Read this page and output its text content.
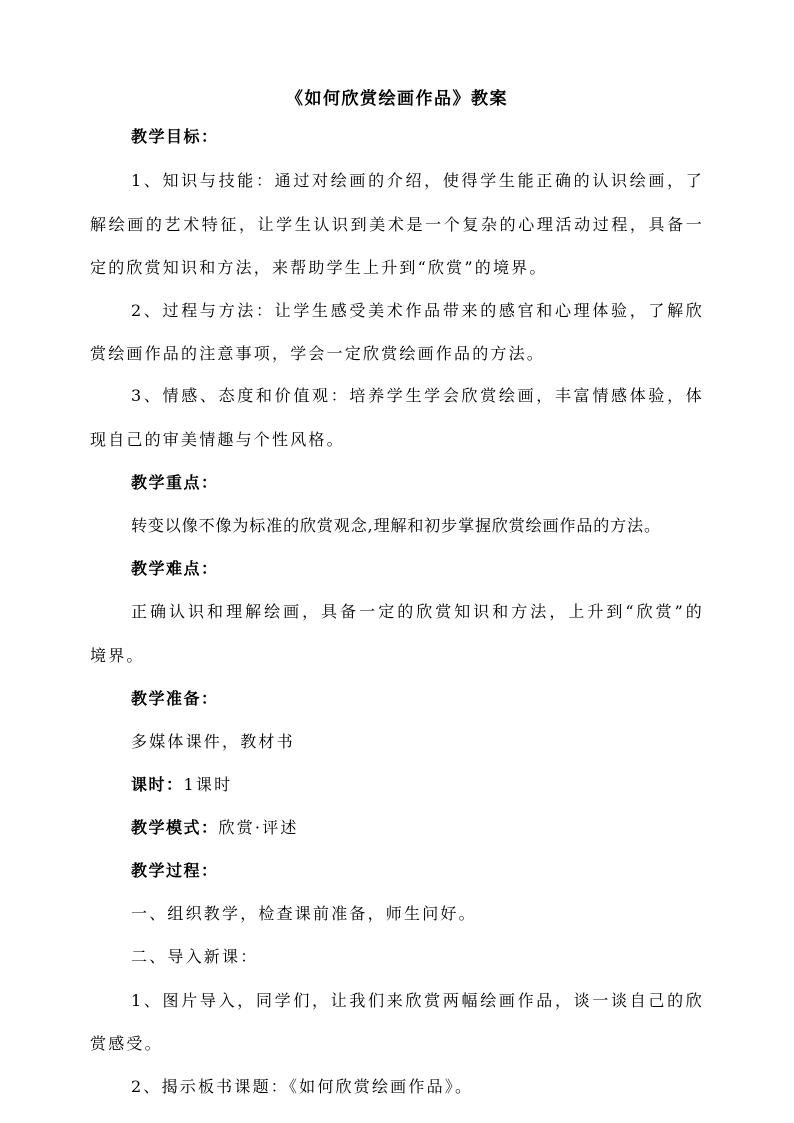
《如何欣赏绘画作品》教案

教学目标：

1、知识与技能：通过对绘画的介绍，使得学生能正确的认识绘画，了

解绘画的艺术特征，让学生认识到美术是一个复杂的心理活动过程，具备一

定的欣赏知识和方法，来帮助学生上升到“欣赏”的境界。

2、过程与方法：让学生感受美术作品带来的感官和心理体验，了解欣

赏绘画作品的注意事项，学会一定欣赏绘画作品的方法。

3、情感、态度和价值观：培养学生学会欣赏绘画，丰富情感体验，体

现自己的审美情趣与个性风格。

教学重点：

转变以像不像为标准的欣赏观念,理解和初步掌握欣赏绘画作品的方法。

教学难点：

正确认识和理解绘画，具备一定的欣赏知识和方法，上升到“欣赏”的

境界。

教学准备：

多媒体课件，教材书

课时：1课时

教学模式：欣赏·评述

教学过程：

一、组织教学，检查课前准备，师生问好。

二、导入新课：

1、图片导入，同学们，让我们来欣赏两幅绘画作品，谈一谈自己的欣

赏感受。

2、揭示板书课题：《如何欣赏绘画作品》。
